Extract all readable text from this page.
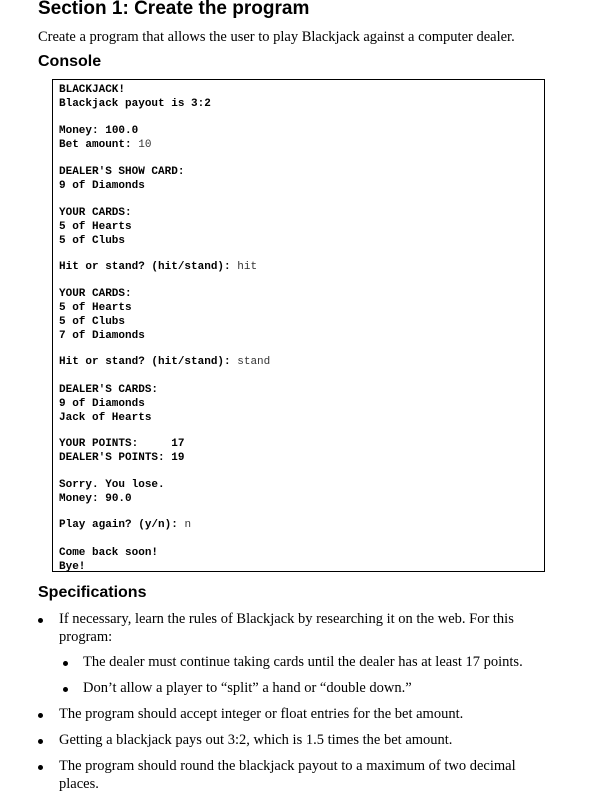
Section 1: Create the program

Create a program that allows the user to play Blackjack against a computer dealer.

Console
BLACKJACK!
Blackjack payout is 3:2
Money: 100.0
Bet amount: 10
DEALER'S SHOW CARD:
9 of Diamonds
YOUR CARDS:
5 of Hearts
5 of Clubs
Hit or stand? (hit/stand): hit
YOUR CARDS:
5 of Hearts
5 of Clubs
7 of Diamonds
Hit or stand? (hit/stand): stand
DEALER'S CARDS:
9 of Diamonds
Jack of Hearts
YOUR POINTS:	17
DEALER'S POINTS: 19
Sorry. You lose.
Money: 90.0
Play again? (y/n): n
Come back soon!
Bye!
Specifications
If necessary, learn the rules of Blackjack by researching it on the web. For this
program:
The dealer must continue taking cards until the dealer has at least 17 points.
Don’t allow a player to “split” a hand or “double down.”
The program should accept integer or float entries for the bet amount.
Getting a blackjack pays out 3:2, which is 1.5 times the bet amount.
The program should round the blackjack payout to a maximum of two decimal
places.
